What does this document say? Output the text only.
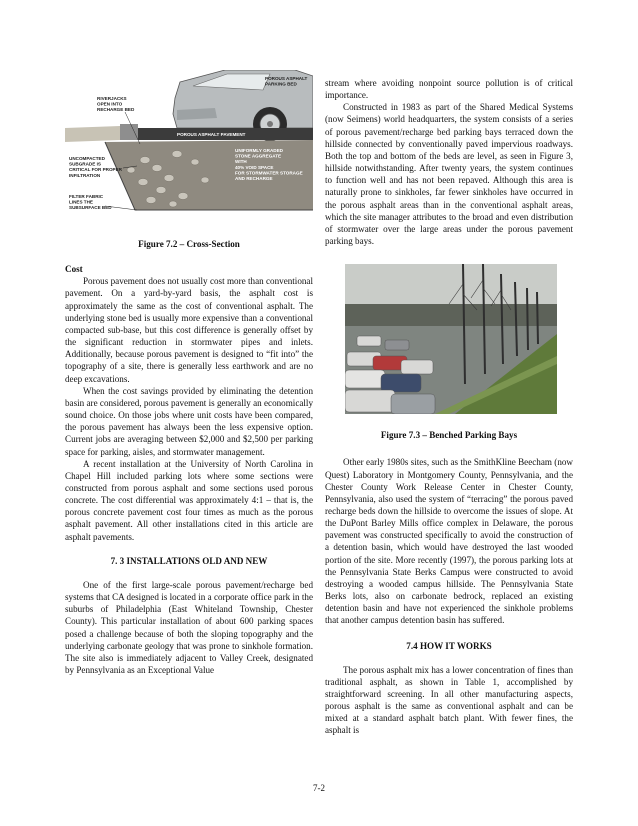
POROUS ASPHALT PARKING BED
RIVERJACKS OPEN INTO RECHARGE BED
POROUS ASPHALT PAVEMENT
UNCOMPACTED SUBGRADE IS CRITICAL FOR PROPER INFILTRATION
UNIFORMLY GRADED STONE AGGREGATE WITH 40% VOID SPACE FOR STORMWATER STORAGE AND RECHARGE
FILTER FABRIC LINES THE SUBSURFACE BED

Figure 7.2 – Cross-Section

Cost

Porous pavement does not usually cost more than conventional pavement. On a yard-by-yard basis, the asphalt cost is approximately the same as the cost of conventional asphalt. The underlying stone bed is usually more expensive than a conventional compacted sub-base, but this cost difference is generally offset by the significant reduction in stormwater pipes and inlets. Additionally, because porous pavement is designed to “fit into” the topography of a site, there is generally less earthwork and are no deep excavations.

When the cost savings provided by eliminating the detention basin are considered, porous pavement is generally an economically sound choice. On those jobs where unit costs have been compared, the porous pavement has always been the less expensive option. Current jobs are averaging between $2,000 and $2,500 per parking space for parking, aisles, and stormwater management.

A recent installation at the University of North Carolina in Chapel Hill included parking lots where some sections were constructed from porous asphalt and some sections used porous concrete. The cost differential was approximately 4:1 – that is, the porous concrete pavement cost four times as much as the porous asphalt pavement. All other installations cited in this article are asphalt pavements.

7. 3 INSTALLATIONS OLD AND NEW

One of the first large-scale porous pavement/recharge bed systems that CA designed is located in a corporate office park in the suburbs of Philadelphia (East Whiteland Township, Chester County). This particular installation of about 600 parking spaces posed a challenge because of both the sloping topography and the underlying carbonate geology that was prone to sinkhole formation. The site also is immediately adjacent to Valley Creek, designated by Pennsylvania as an Exceptional Value

stream where avoiding nonpoint source pollution is of critical importance.

Constructed in 1983 as part of the Shared Medical Systems (now Seimens) world headquarters, the system consists of a series of porous pavement/recharge bed parking bays terraced down the hillside connected by conventionally paved impervious roadways. Both the top and bottom of the beds are level, as seen in Figure 3, hillside notwithstanding. After twenty years, the system continues to function well and has not been repaved. Although this area is naturally prone to sinkholes, far fewer sinkholes have occurred in the porous asphalt areas than in the conventional asphalt areas, which the site manager attributes to the broad and even distribution of stormwater over the large areas under the porous pavement parking bays.

Figure 7.3 – Benched Parking Bays

Other early 1980s sites, such as the SmithKline Beecham (now Quest) Laboratory in Montgomery County, Pennsylvania, and the Chester County Work Release Center in Chester County, Pennsylvania, also used the system of “terracing” the porous paved recharge beds down the hillside to overcome the issues of slope. At the DuPont Barley Mills office complex in Delaware, the porous pavement was constructed specifically to avoid the construction of a detention basin, which would have destroyed the last wooded portion of the site. More recently (1997), the porous parking lots at the Pennsylvania State Berks Campus were constructed to avoid destroying a wooded campus hillside. The Pennsylvania State Berks lots, also on carbonate bedrock, replaced an existing detention basin and have not experienced the sinkhole problems that another campus detention basin has suffered.

7.4 HOW IT WORKS

The porous asphalt mix has a lower concentration of fines than traditional asphalt, as shown in Table 1, accomplished by straightforward screening. In all other manufacturing aspects, porous asphalt is the same as conventional asphalt and can be mixed at a standard asphalt batch plant. With fewer fines, the asphalt is

7-2
